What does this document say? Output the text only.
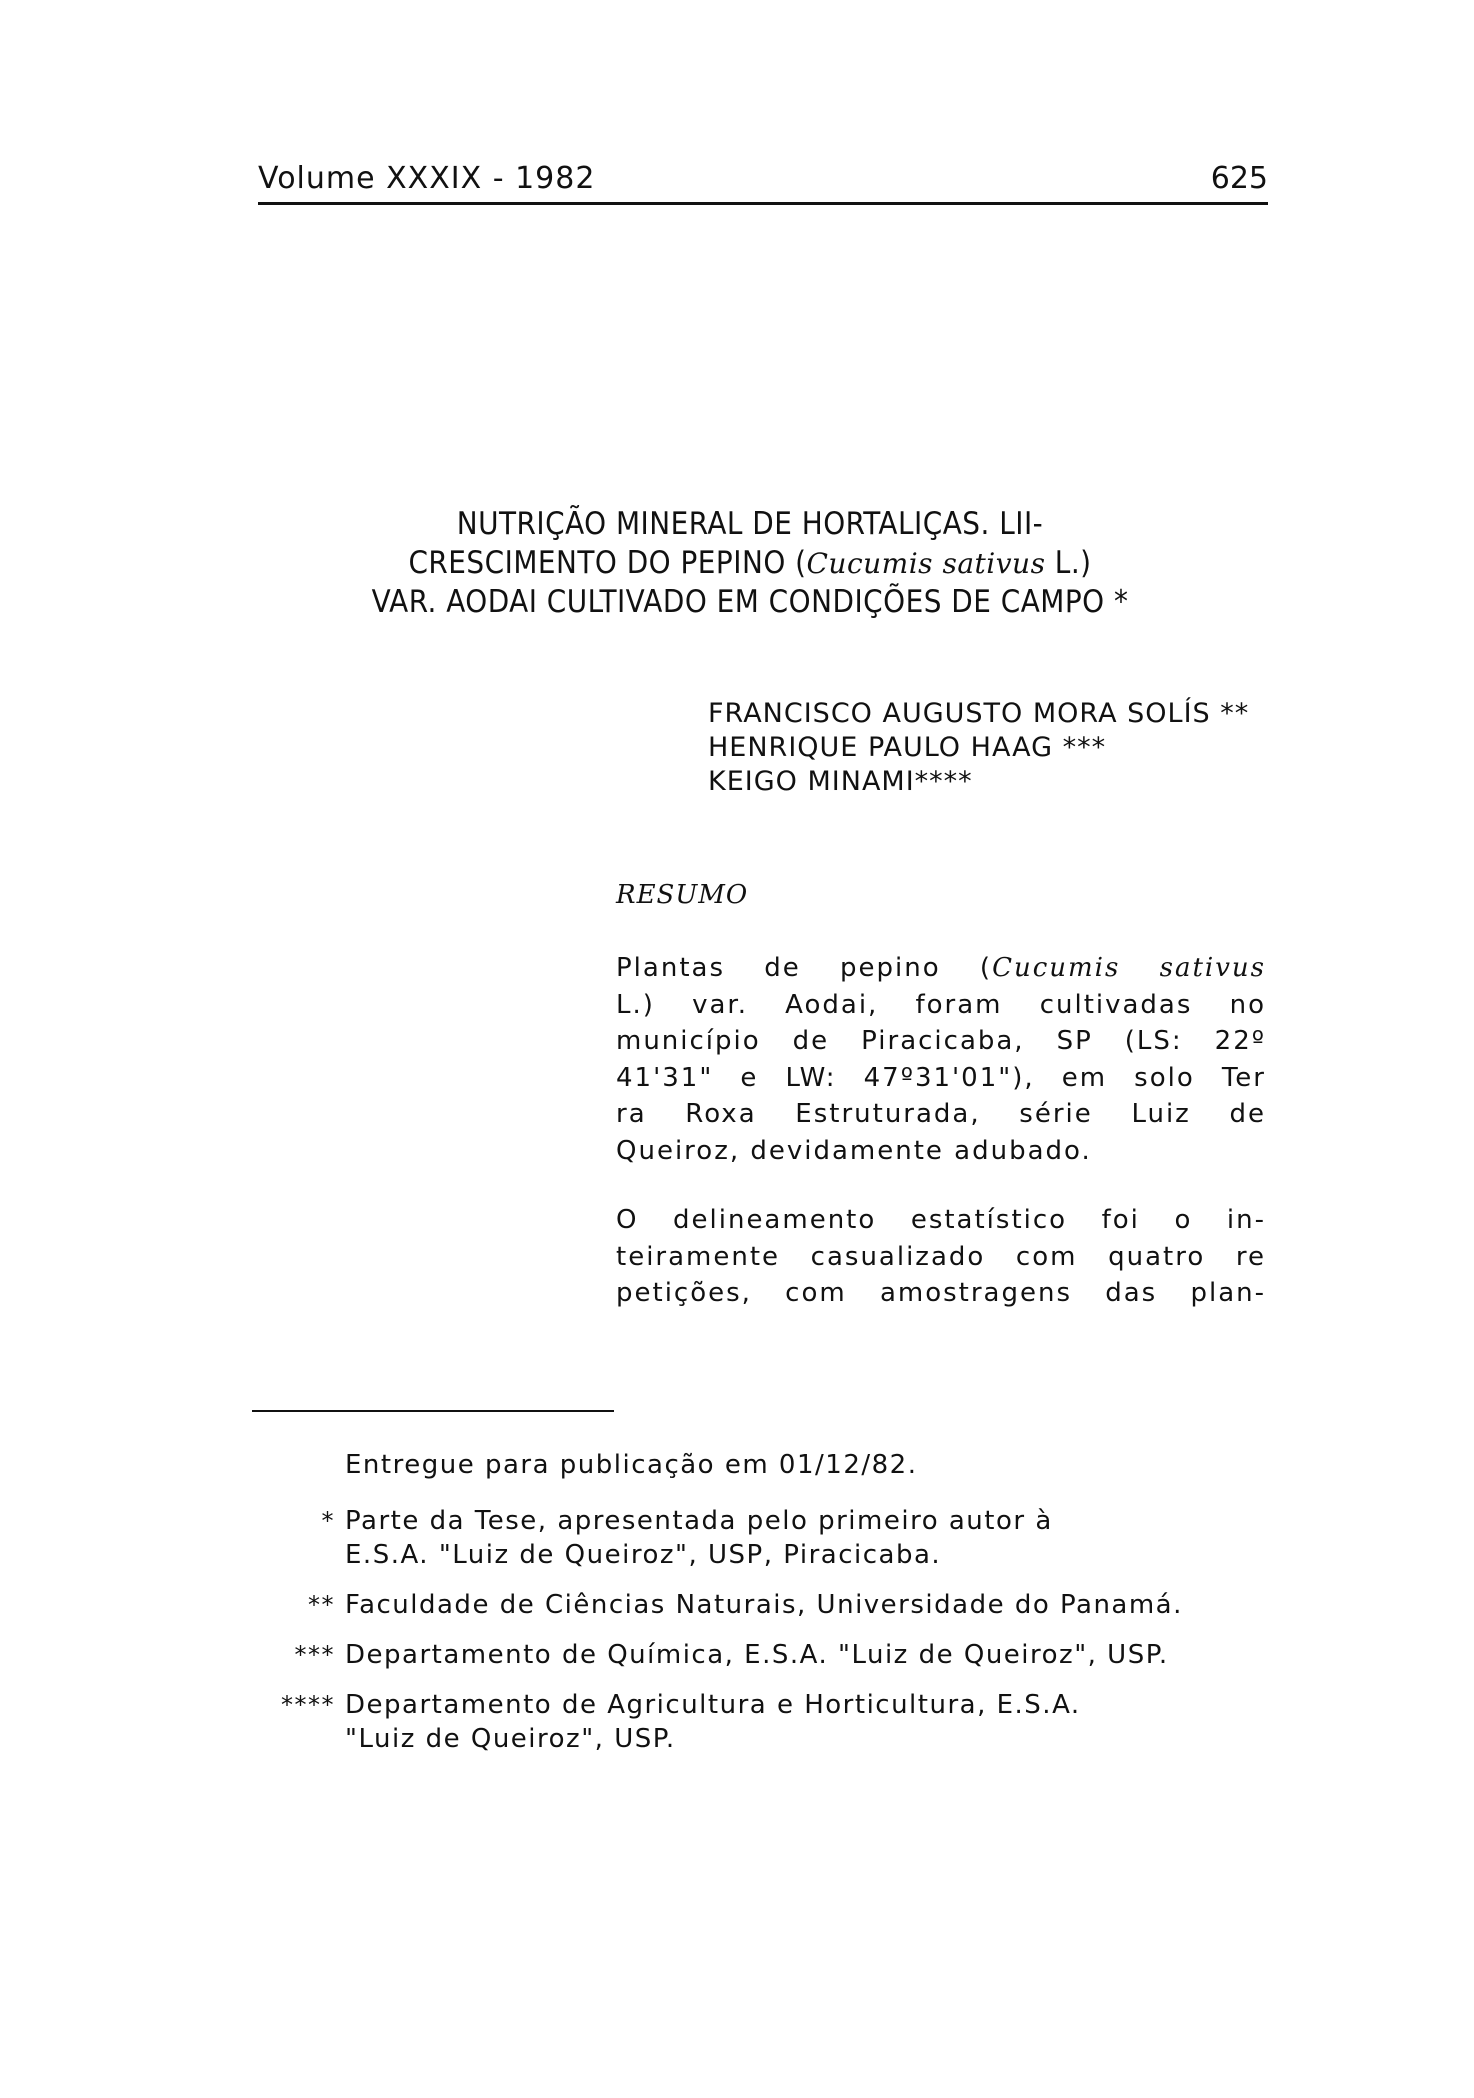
Volume XXXIX - 1982	625
NUTRIÇÃO MINERAL DE HORTALIÇAS. LII-
CRESCIMENTO DO PEPINO (Cucumis sativus L.)
VAR. AODAI CULTIVADO EM CONDIÇÕES DE CAMPO *
FRANCISCO AUGUSTO MORA SOLÍS **
HENRIQUE PAULO HAAG ***
KEIGO MINAMI****
RESUMO
Plantas de pepino (Cucumis sativus
L.) var. Aodai, foram cultivadas no
município de Piracicaba, SP (LS: 22º
41'31" e LW: 47º31'01"), em solo Ter
ra Roxa Estruturada, série Luiz de
Queiroz, devidamente adubado.
O delineamento estatístico foi o in-
teiramente casualizado com quatro re
petições, com amostragens das plan-
Entregue para publicação em 01/12/82.
* Parte da Tese, apresentada pelo primeiro autor à
E.S.A. "Luiz de Queiroz", USP, Piracicaba.
** Faculdade de Ciências Naturais, Universidade do Panamá.
*** Departamento de Química, E.S.A. "Luiz de Queiroz", USP.
**** Departamento de Agricultura e Horticultura, E.S.A.
"Luiz de Queiroz", USP.
